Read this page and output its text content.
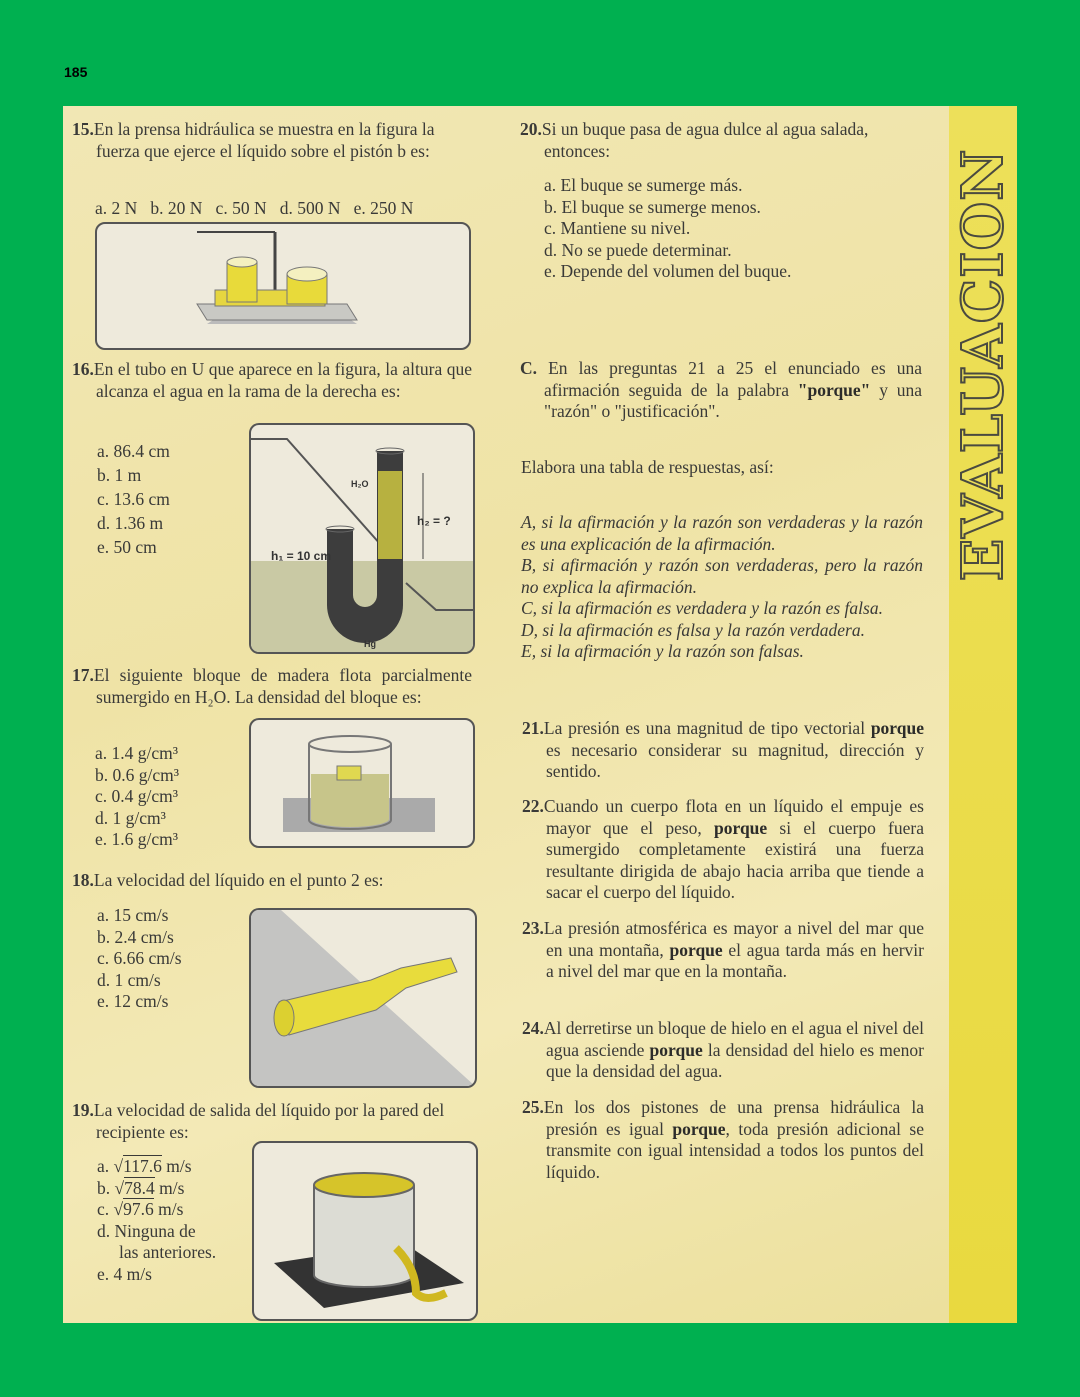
185
EVALUACION
15.En la prensa hidráulica se muestra en la figura la fuerza que ejerce el líquido sobre el pistón b es:
a. 2 N b. 20 N c. 50 N d. 500 N e. 250 N
16.En el tubo en U que aparece en la figura, la altura que alcanza el agua en la rama de la derecha es:
a. 86.4 cm
b. 1 m
c. 13.6 cm
d. 1.36 m
e. 50 cm
H₂O
h₂ = ?
h₁ = 10 cm
Hg
17.El siguiente bloque de madera flota parcialmente sumergido en H₂O. La densidad del bloque es:
a. 1.4 g/cm³
b. 0.6 g/cm³
c. 0.4 g/cm³
d. 1 g/cm³
e. 1.6 g/cm³
18.La velocidad del líquido en el punto 2 es:
a. 15 cm/s
b. 2.4 cm/s
c. 6.66 cm/s
d. 1 cm/s
e. 12 cm/s
19.La velocidad de salida del líquido por la pared del recipiente es:
a. √117.6 m/s
b. √78.4 m/s
c. √97.6 m/s
d. Ninguna de
las anteriores.
e. 4 m/s
20.Si un buque pasa de agua dulce al agua salada, entonces:
a. El buque se sumerge más.
b. El buque se sumerge menos.
c. Mantiene su nivel.
d. No se puede determinar.
e. Depende del volumen del buque.
C. En las preguntas 21 a 25 el enunciado es una afirmación seguida de la palabra "porque" y una "razón" o "justificación".
Elabora una tabla de respuestas, así:
A, si la afirmación y la razón son verdaderas y la razón es una explicación de la afirmación.
B, si afirmación y razón son verdaderas, pero la razón no explica la afirmación.
C, si la afirmación es verdadera y la razón es falsa.
D, si la afirmación es falsa y la razón verdadera.
E, si la afirmación y la razón son falsas.
21.La presión es una magnitud de tipo vectorial porque es necesario considerar su magnitud, dirección y sentido.
22.Cuando un cuerpo flota en un líquido el empuje es mayor que el peso, porque si el cuerpo fuera sumergido completamente existirá una fuerza resultante dirigida de abajo hacia arriba que tiende a sacar el cuerpo del líquido.
23.La presión atmosférica es mayor a nivel del mar que en una montaña, porque el agua tarda más en hervir a nivel del mar que en la montaña.
24.Al derretirse un bloque de hielo en el agua el nivel del agua asciende porque la densidad del hielo es menor que la densidad del agua.
25.En los dos pistones de una prensa hidráulica la presión es igual porque, toda presión adicional se transmite con igual intensidad a todos los puntos del líquido.
